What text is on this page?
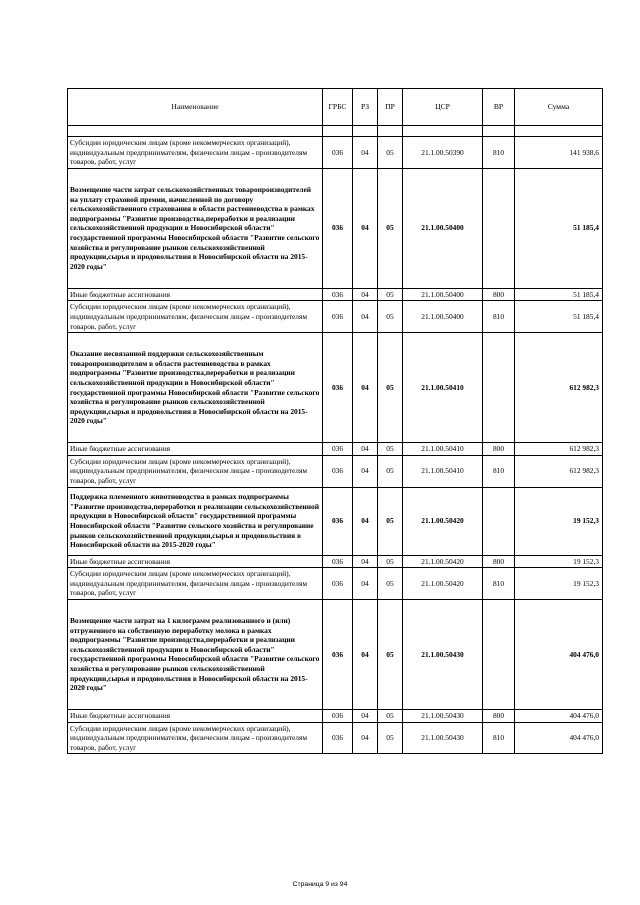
Наименование	ГРБС	РЗ	ПР	ЦСР	ВР	Сумма

Субсидии юридическим лицам (кроме некоммерческих организаций), индивидуальным предпринимателям, физическим лицам - производителям товаров, работ, услуг	036	04	05	21.1.00.50390	810	141 938,6
Возмещение части затрат сельскохозяйственных товаропроизводителей на уплату страховой премии, начисленной по договору сельскохозяйственного страхования в области растениеводства в рамках подпрограммы "Развитие производства,переработки и реализации сельскохозяйственной продукции в Новосибирской области" государственной программы Новосибирской области "Развитие сельского хозяйства и регулирование рынков сельскохозяйственной продукции,сырья и продовольствия в Новосибирской области на 2015-2020 годы"	036	04	05	21.1.00.50400		51 185,4
Иные бюджетные ассигнования	036	04	05	21.1.00.50400	800	51 185,4
Субсидии юридическим лицам (кроме некоммерческих организаций), индивидуальным предпринимателям, физическим лицам - производителям товаров, работ, услуг	036	04	05	21.1.00.50400	810	51 185,4
Оказание несвязанной поддержки сельскохозяйственным товаропроизводителям в области растениеводства в рамках подпрограммы "Развитие производства,переработки и реализации сельскохозяйственной продукции в Новосибирской области" государственной программы Новосибирской области "Развитие сельского хозяйства и регулирование рынков сельскохозяйственной продукции,сырья и продовольствия в Новосибирской области на 2015-2020 годы"	036	04	05	21.1.00.50410		612 982,3
Иные бюджетные ассигнования	036	04	05	21.1.00.50410	800	612 982,3
Субсидии юридическим лицам (кроме некоммерческих организаций), индивидуальным предпринимателям, физическим лицам - производителям товаров, работ, услуг	036	04	05	21.1.00.50410	810	612 982,3
Поддержка племенного животноводства в рамках подпрограммы "Развитие производства,переработки и реализации сельскохозяйственной продукции в Новосибирской области" государственной программы Новосибирской области "Развитие сельского хозяйства и регулирование рынков сельскохозяйственной продукции,сырья и продовольствия в Новосибирской области на 2015-2020 годы"	036	04	05	21.1.00.50420		19 152,3
Иные бюджетные ассигнования	036	04	05	21.1.00.50420	800	19 152,3
Субсидии юридическим лицам (кроме некоммерческих организаций), индивидуальным предпринимателям, физическим лицам - производителям товаров, работ, услуг	036	04	05	21.1.00.50420	810	19 152,3
Возмещение части затрат на 1 килограмм реализованного и (или) отгруженного на собственную переработку молока в рамках подпрограммы "Развитие производства,переработки и реализации сельскохозяйственной продукции в Новосибирской области" государственной программы Новосибирской области "Развитие сельского хозяйства и регулирование рынков сельскохозяйственной продукции,сырья и продовольствия в Новосибирской области на 2015-2020 годы"	036	04	05	21.1.00.50430		404 476,0
Иные бюджетные ассигнования	036	04	05	21.1.00.50430	800	404 476,0
Субсидии юридическим лицам (кроме некоммерческих организаций), индивидуальным предпринимателям, физическим лицам - производителям товаров, работ, услуг	036	04	05	21.1.00.50430	810	404 476,0
Страница 9 из 94
